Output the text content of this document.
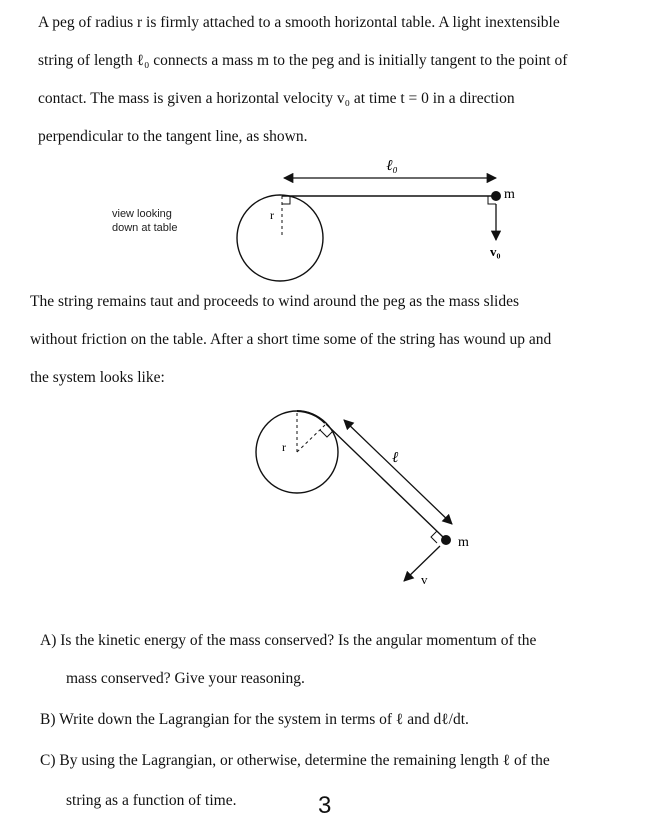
A peg of radius r is firmly attached to a smooth horizontal table. A light inextensible
string of length ℓ₀ connects a mass m to the peg and is initially tangent to the point of
contact. The mass is given a horizontal velocity v₀ at time t = 0 in a direction
perpendicular to the tangent line, as shown.
view looking
down at table
ℓ₀
r
m
v₀
The string remains taut and proceeds to wind around the peg as the mass slides
without friction on the table. After a short time some of the string has wound up and
the system looks like:
r
ℓ
m
v
A) Is the kinetic energy of the mass conserved? Is the angular momentum of the
mass conserved? Give your reasoning.
B) Write down the Lagrangian for the system in terms of ℓ and dℓ/dt.
C) By using the Lagrangian, or otherwise, determine the remaining length ℓ of the
string as a function of time.	3
